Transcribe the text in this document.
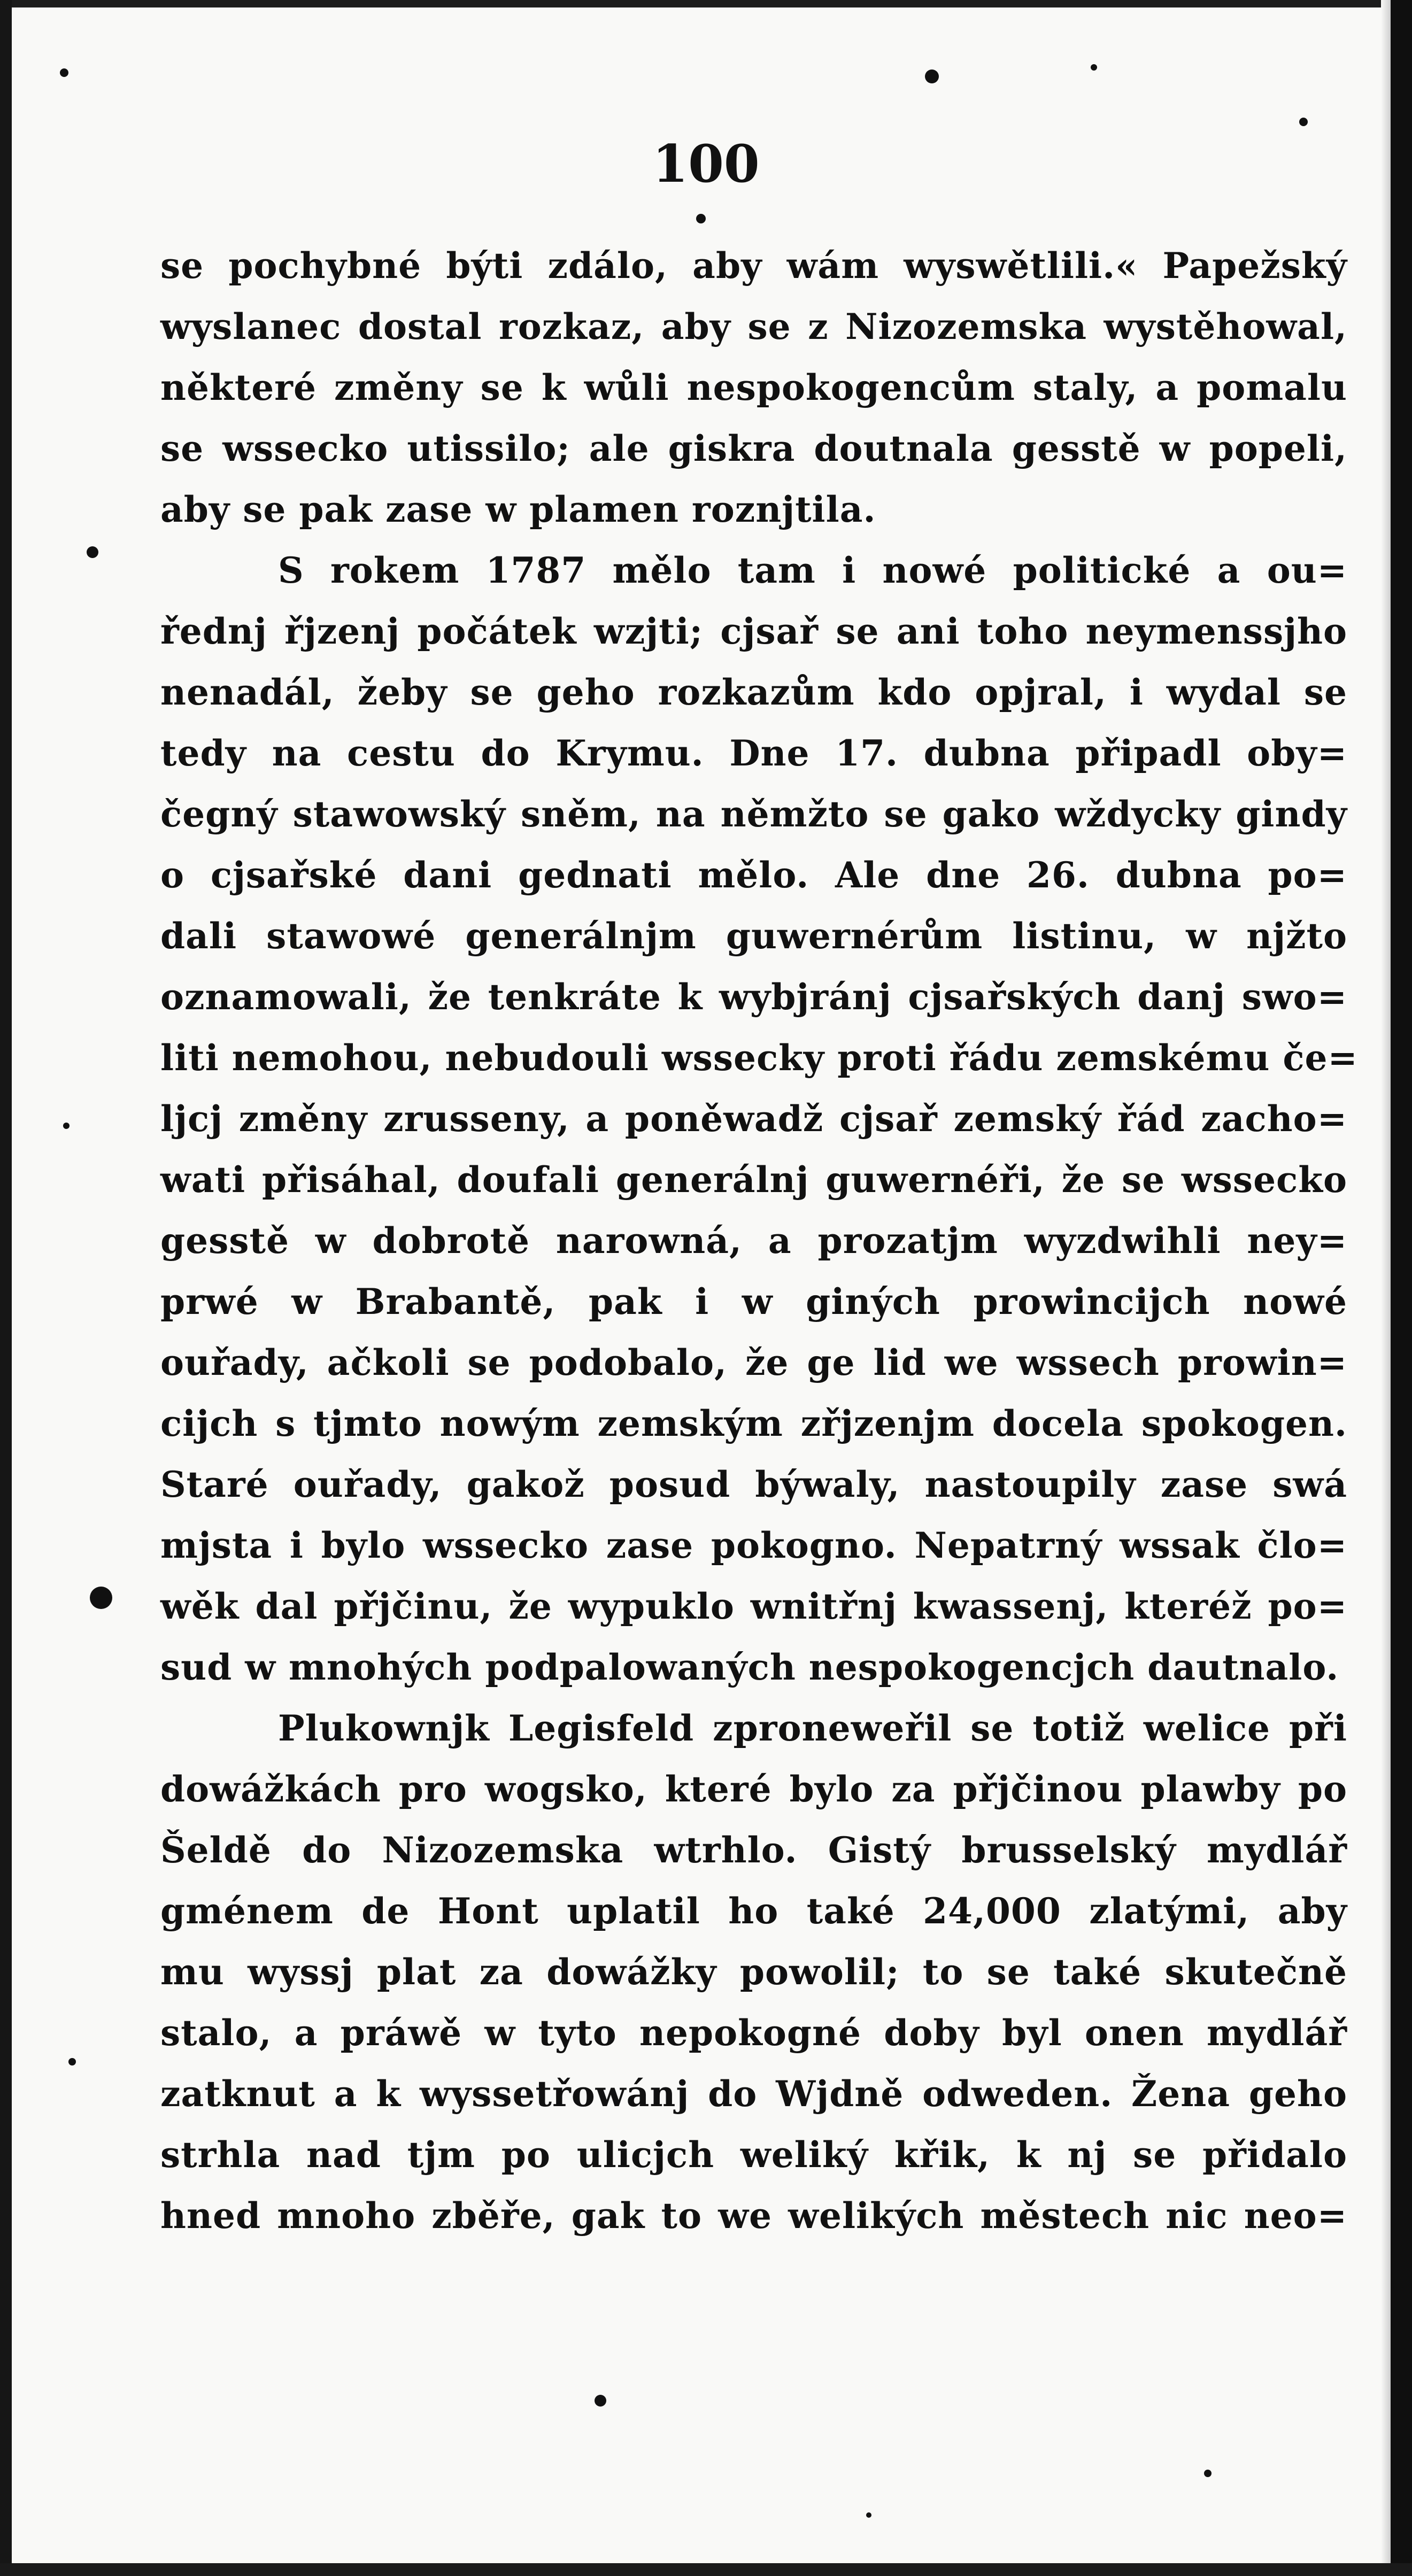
100
se pochybné býti zdálo, aby wám wyswětlili.« Papežský
wyslanec dostal rozkaz, aby se z Nizozemska wystěhowal,
některé změny se k wůli nespokogencům staly, a pomalu
se wssecko utissilo; ale giskra doutnala gesstě w popeli,
aby se pak zase w plamen roznjtila.
S rokem 1787 mělo tam i nowé politické a ou=
řednj řjzenj počátek wzjti; cjsař se ani toho neymenssjho
nenadál, žeby se geho rozkazům kdo opjral, i wydal se
tedy na cestu do Krymu. Dne 17. dubna připadl oby=
čegný stawowský sněm, na němžto se gako wždycky gindy
o cjsařské dani gednati mělo. Ale dne 26. dubna po=
dali stawowé generálnjm guwernérům listinu, w njžto
oznamowali, že tenkráte k wybjránj cjsařských danj swo=
liti nemohou, nebudouli wssecky proti řádu zemskému če=
ljcj změny zrusseny, a poněwadž cjsař zemský řád zacho=
wati přisáhal, doufali generálnj guwernéři, že se wssecko
gesstě w dobrotě narowná, a prozatjm wyzdwihli ney=
prwé w Brabantě, pak i w giných prowincijch nowé
ouřady, ačkoli se podobalo, že ge lid we wssech prowin=
cijch s tjmto nowým zemským zřjzenjm docela spokogen.
Staré ouřady, gakož posud býwaly, nastoupily zase swá
mjsta i bylo wssecko zase pokogno. Nepatrný wssak člo=
wěk dal přjčinu, že wypuklo wnitřnj kwassenj, kteréž po=
sud w mnohých podpalowaných nespokogencjch dautnalo.
Plukownjk Legisfeld zproneweřil se totiž welice při
dowážkách pro wogsko, které bylo za přjčinou plawby po
Šeldě do Nizozemska wtrhlo. Gistý brusselský mydlář
gménem de Hont uplatil ho také 24,000 zlatými, aby
mu wyssj plat za dowážky powolil; to se také skutečně
stalo, a práwě w tyto nepokogné doby byl onen mydlář
zatknut a k wyssetřowánj do Wjdně odweden. Žena geho
strhla nad tjm po ulicjch weliký křik, k nj se přidalo
hned mnoho zběře, gak to we welikých městech nic neo=
